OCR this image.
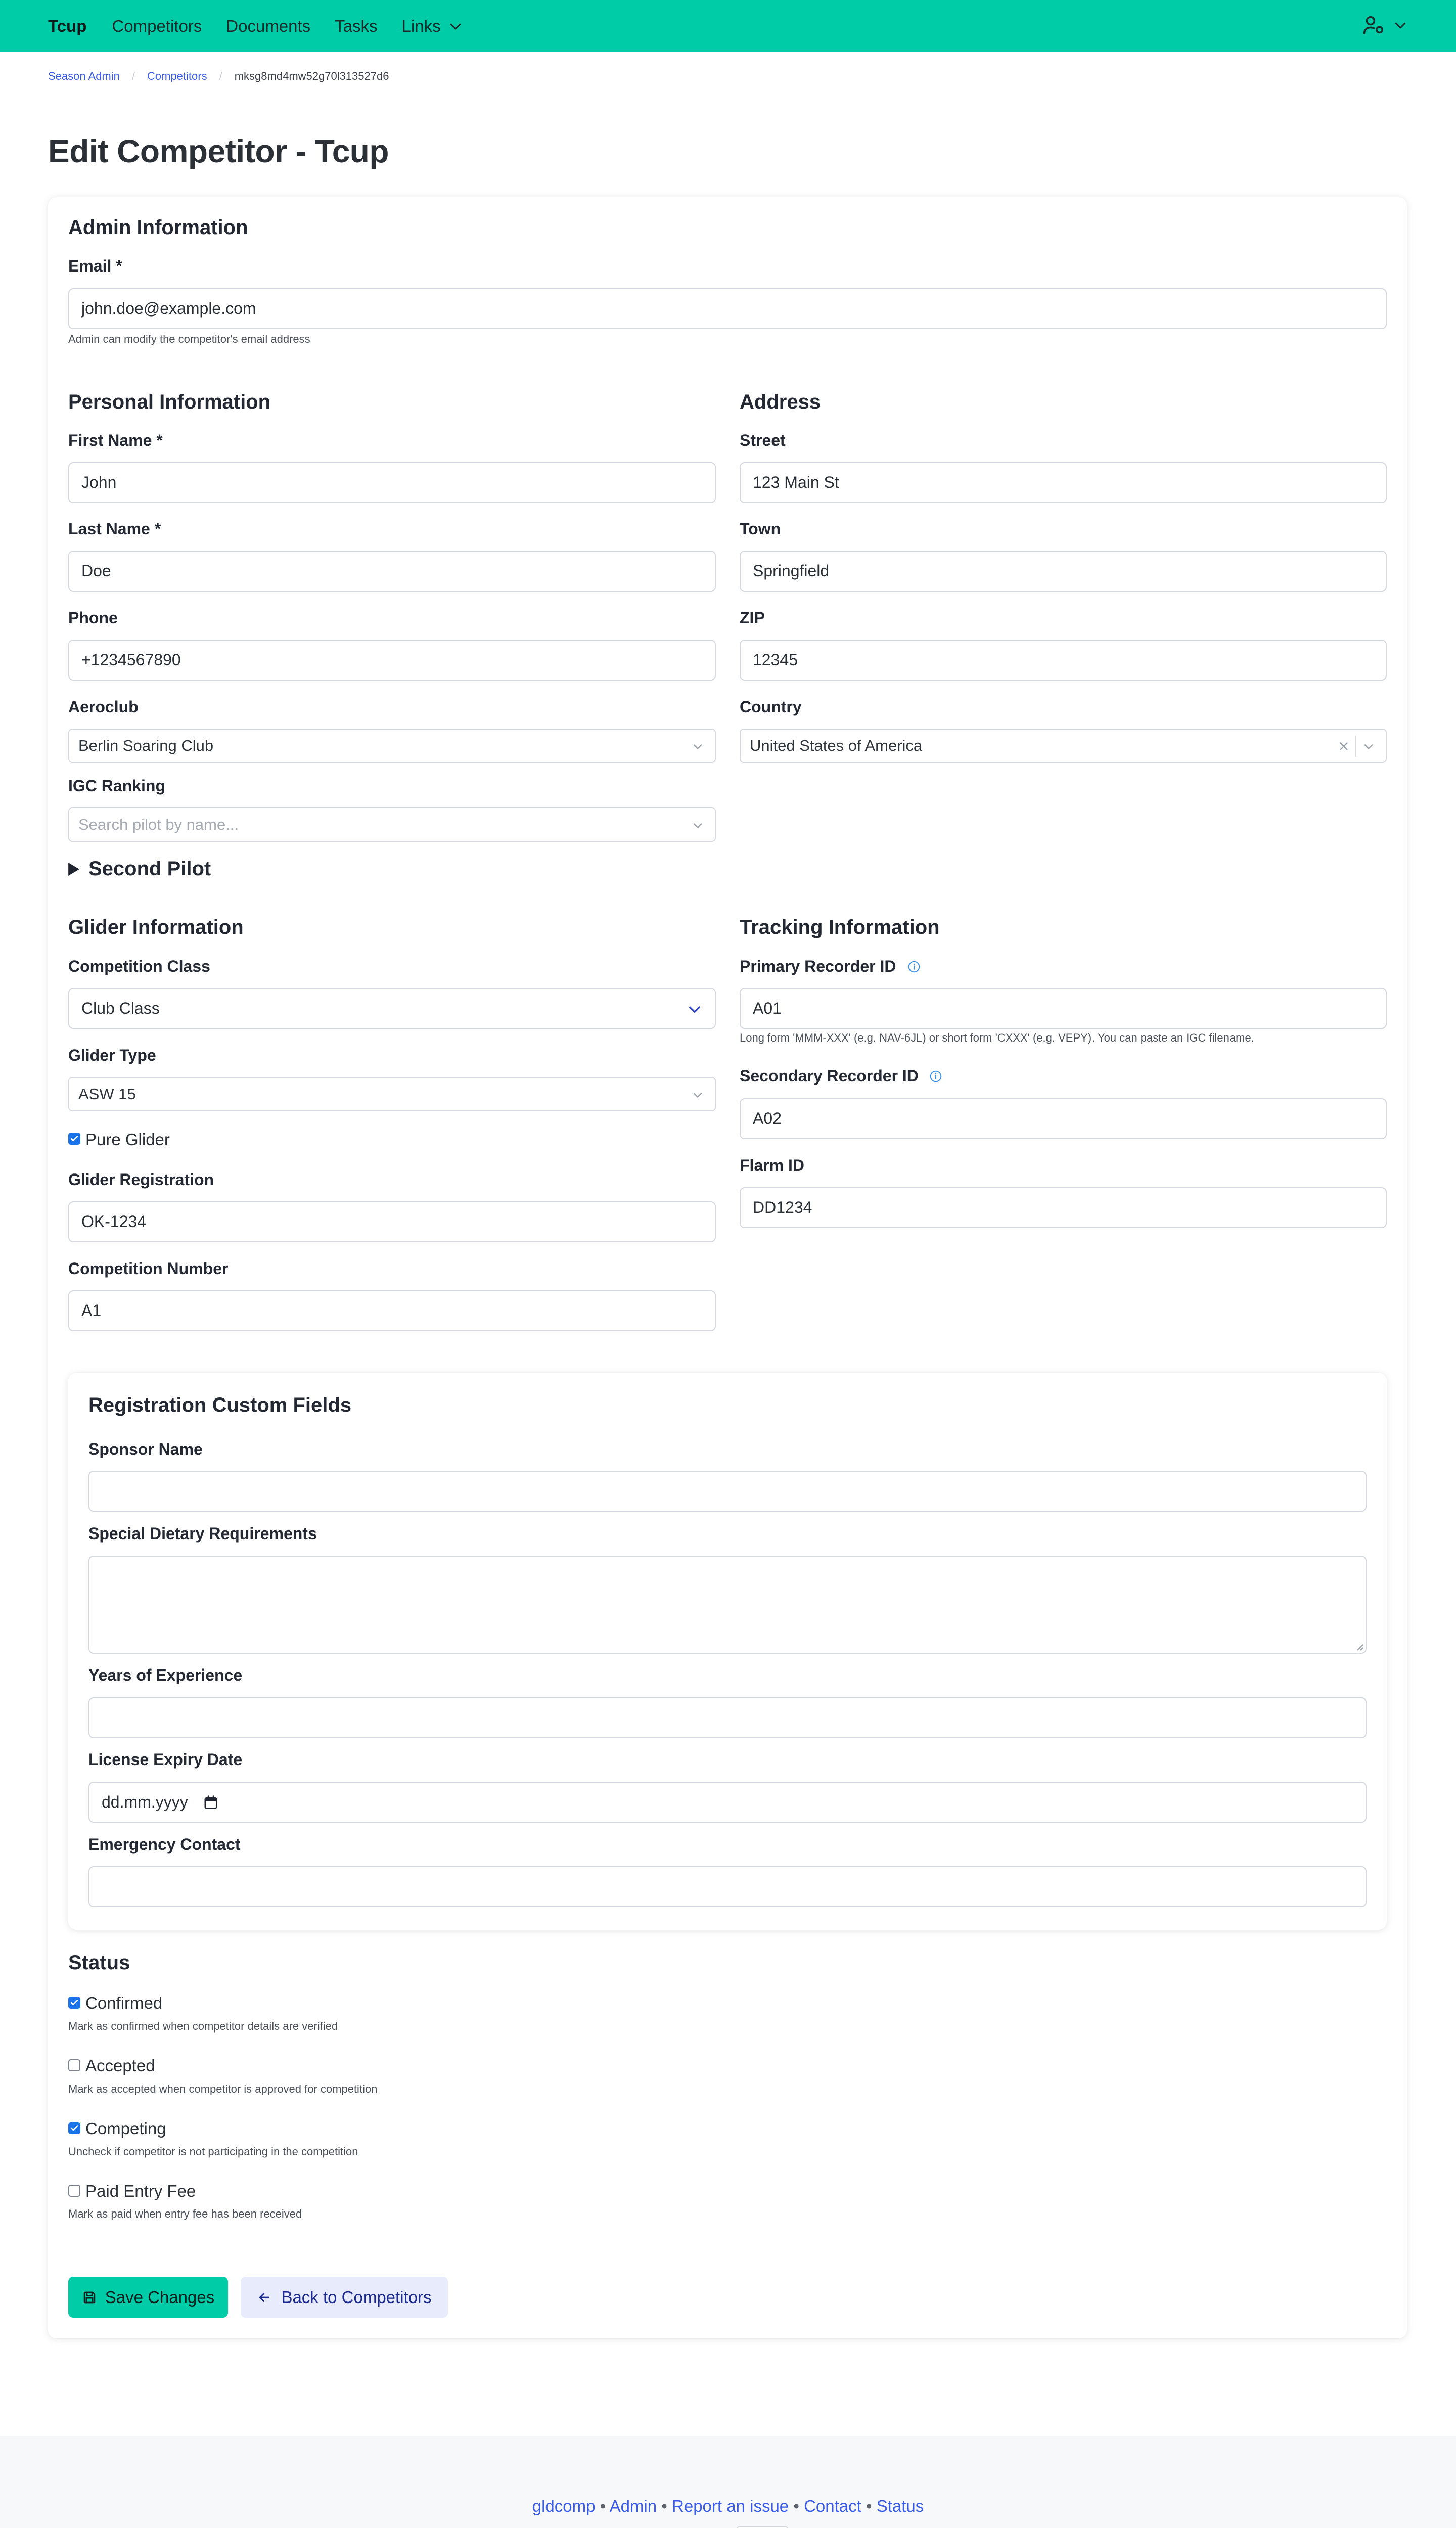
Tcup Competitors Documents Tasks Links
Season Admin / Competitors / mksg8md4mw52g70l313527d6
Edit Competitor - Tcup
Admin Information
Email *
john.doe@example.com
Admin can modify the competitor's email address
Personal Information
First Name *
John
Last Name *
Doe
Phone
+1234567890
Aeroclub
Berlin Soaring Club
IGC Ranking
Search pilot by name...
Second Pilot
Address
Street
123 Main St
Town
Springfield
ZIP
12345
Country
United States of America
Glider Information
Competition Class
Club Class
Glider Type
ASW 15
Pure Glider
Glider Registration
OK-1234
Competition Number
A1
Tracking Information
Primary Recorder ID
A01
Long form 'MMM-XXX' (e.g. NAV-6JL) or short form 'CXXX' (e.g. VEPY). You can paste an IGC filename.
Secondary Recorder ID
A02
Flarm ID
DD1234
Registration Custom Fields
Sponsor Name
Special Dietary Requirements
Years of Experience
License Expiry Date
dd.mm.yyyy
Emergency Contact
Status
Confirmed
Mark as confirmed when competitor details are verified
Accepted
Mark as accepted when competitor is approved for competition
Competing
Uncheck if competitor is not participating in the competition
Paid Entry Fee
Mark as paid when entry fee has been received
Save Changes	Back to Competitors
gldcomp • Admin • Report an issue • Contact • Status
